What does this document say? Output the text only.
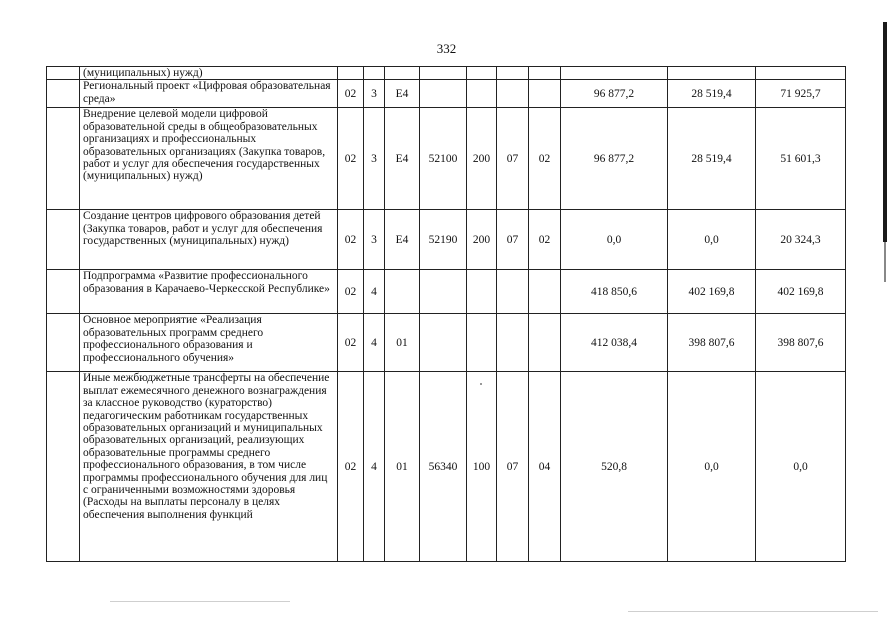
332
	(муниципальных) нужд)										
	Региональный проект «Цифровая образовательная среда»	02	3	Е4					96 877,2	28 519,4	71 925,7
	Внедрение целевой модели цифровой образовательной среды в общеобразовательных организациях и профессиональных образовательных организациях (Закупка товаров, работ и услуг для обеспечения государственных (муниципальных) нужд)	02	3	Е4	52100	200	07	02	96 877,2	28 519,4	51 601,3
	Создание центров цифрового образования детей (Закупка товаров, работ и услуг для обеспечения государственных (муниципальных) нужд)	02	3	Е4	52190	200	07	02	0,0	0,0	20 324,3
	Подпрограмма «Развитие профессионального образования в Карачаево-Черкесской Республике»	02	4						418 850,6	402 169,8	402 169,8
	Основное мероприятие «Реализация образовательных программ среднего профессионального образования и профессионального обучения»	02	4	01					412 038,4	398 807,6	398 807,6
	Иные межбюджетные трансферты на обеспечение выплат ежемесячного денежного вознаграждения за классное руководство (кураторство) педагогическим работникам государственных образовательных организаций и муниципальных образовательных организаций, реализующих образовательные программы среднего профессионального образования, в том числе программы профессионального обучения для лиц с ограниченными возможностями здоровья (Расходы на выплаты персоналу в целях обеспечения выполнения функций	02	4	01	56340	100	07	04	520,8	0,0	0,0
